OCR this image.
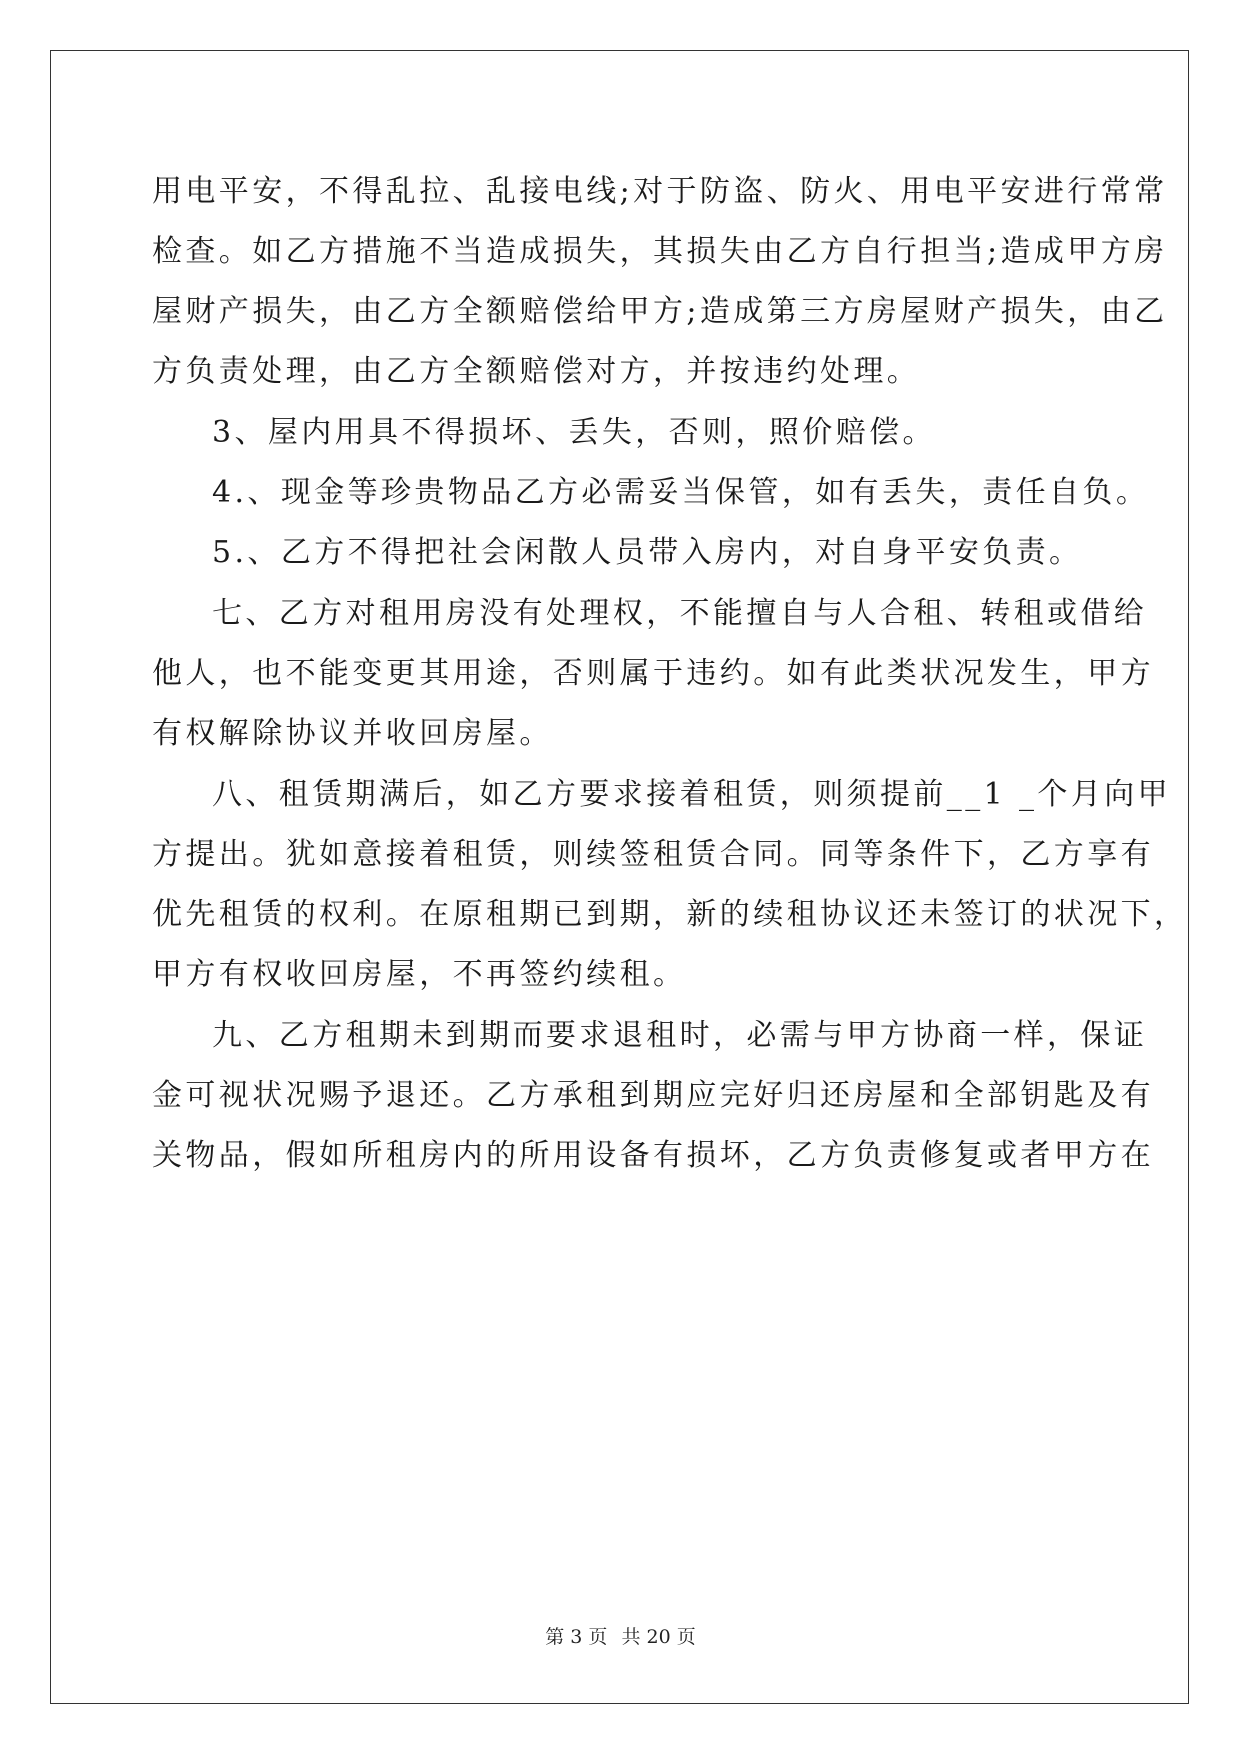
用电平安，不得乱拉、乱接电线;对于防盗、防火、用电平安进行常常
检查。如乙方措施不当造成损失，其损失由乙方自行担当;造成甲方房
屋财产损失，由乙方全额赔偿给甲方;造成第三方房屋财产损失，由乙
方负责处理，由乙方全额赔偿对方，并按违约处理。
3、屋内用具不得损坏、丢失，否则，照价赔偿。
4.、现金等珍贵物品乙方必需妥当保管，如有丢失，责任自负。
5.、乙方不得把社会闲散人员带入房内，对自身平安负责。
七、乙方对租用房没有处理权，不能擅自与人合租、转租或借给
他人，也不能变更其用途，否则属于违约。如有此类状况发生，甲方
有权解除协议并收回房屋。
八、租赁期满后，如乙方要求接着租赁，则须提前__1 _个月向甲
方提出。犹如意接着租赁，则续签租赁合同。同等条件下，乙方享有
优先租赁的权利。在原租期已到期，新的续租协议还未签订的状况下，
甲方有权收回房屋，不再签约续租。
九、乙方租期未到期而要求退租时，必需与甲方协商一样，保证
金可视状况赐予退还。乙方承租到期应完好归还房屋和全部钥匙及有
关物品，假如所租房内的所用设备有损坏，乙方负责修复或者甲方在
第 3 页 共 20 页
